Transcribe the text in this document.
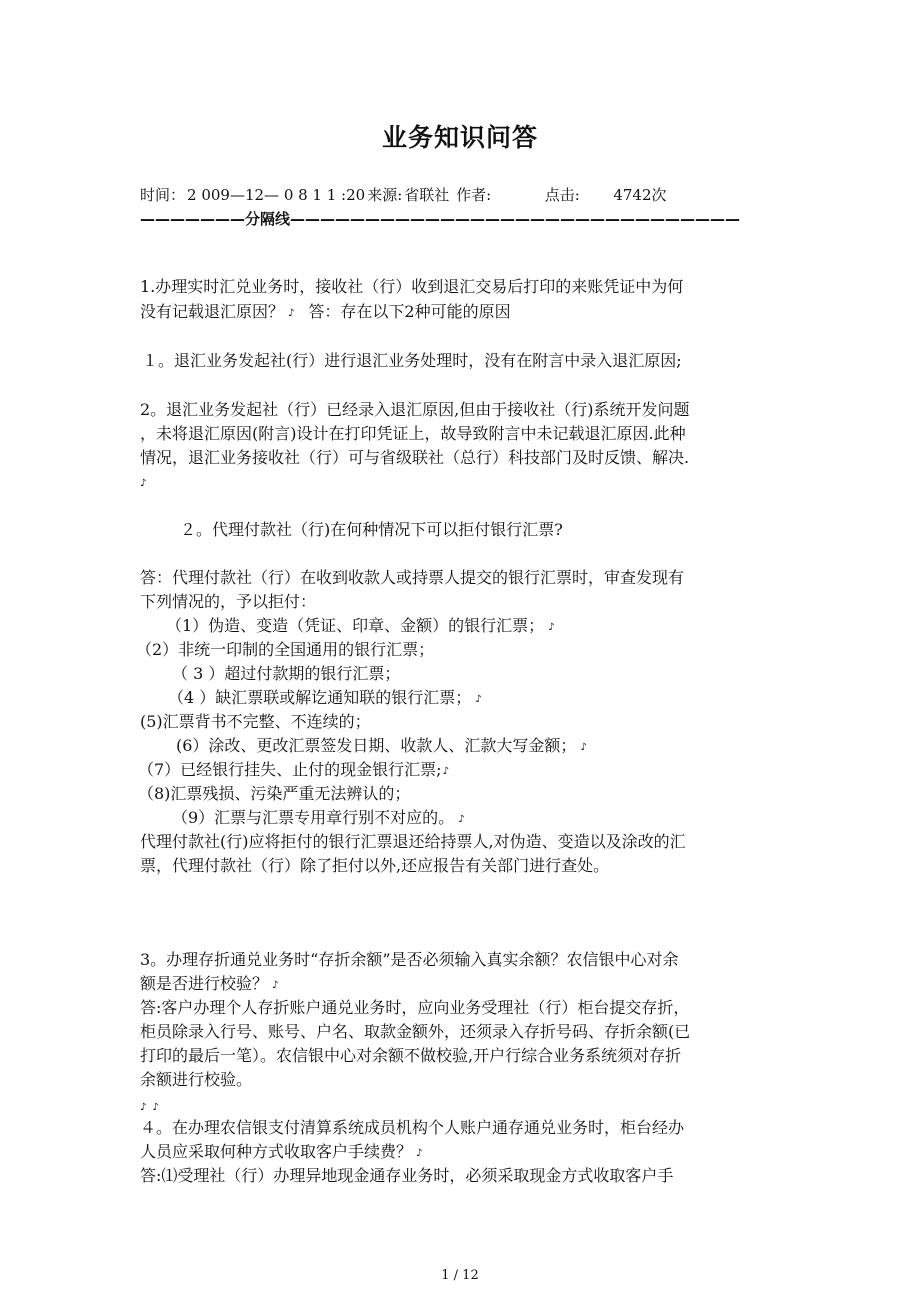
业务知识问答
时间： 2 009—12— 0 8 1 1 :20 来源: 省联社 作者:	点击: 4742次
———————分隔线——————————————————————————————
1.办理实时汇兑业务时，接收社（行）收到退汇交易后打印的来账凭证中为何
没有记载退汇原因？ ♪ 答：存在以下2种可能的原因
１。退汇业务发起社(行）进行退汇业务处理时，没有在附言中录入退汇原因;
2。退汇业务发起社（行）已经录入退汇原因,但由于接收社（行)系统开发问题
，未将退汇原因(附言)设计在打印凭证上，故导致附言中未记载退汇原因.此种
情况，退汇业务接收社（行）可与省级联社（总行）科技部门及时反馈、解决.
♪
２。代理付款社（行)在何种情况下可以拒付银行汇票?
答：代理付款社（行）在收到收款人或持票人提交的银行汇票时，审查发现有
下列情况的，予以拒付：
（1）伪造、变造（凭证、印章、金额）的银行汇票； ♪
（2）非统一印制的全国通用的银行汇票；
（ 3 ）超过付款期的银行汇票；
（4 ）缺汇票联或解讫通知联的银行汇票； ♪
(5)汇票背书不完整、不连续的；
(6）涂改、更改汇票签发日期、收款人、汇款大写金额； ♪
（7）已经银行挂失、止付的现金银行汇票;♪
（8)汇票残损、污染严重无法辨认的；
（9）汇票与汇票专用章行别不对应的。 ♪
代理付款社(行)应将拒付的银行汇票退还给持票人,对伪造、变造以及涂改的汇
票，代理付款社（行）除了拒付以外,还应报告有关部门进行查处。
3。办理存折通兑业务时“存折余额”是否必须输入真实余额？农信银中心对余
额是否进行校验？ ♪
答:客户办理个人存折账户通兑业务时，应向业务受理社（行）柜台提交存折，
柜员除录入行号、账号、户名、取款金额外，还须录入存折号码、存折余额(已
打印的最后一笔）。农信银中心对余额不做校验,开户行综合业务系统须对存折
余额进行校验。
♪ ♪
４。在办理农信银支付清算系统成员机构个人账户通存通兑业务时，柜台经办
人员应采取何种方式收取客户手续费？ ♪
答:⑴受理社（行）办理异地现金通存业务时，必须采取现金方式收取客户手
1 / 12
